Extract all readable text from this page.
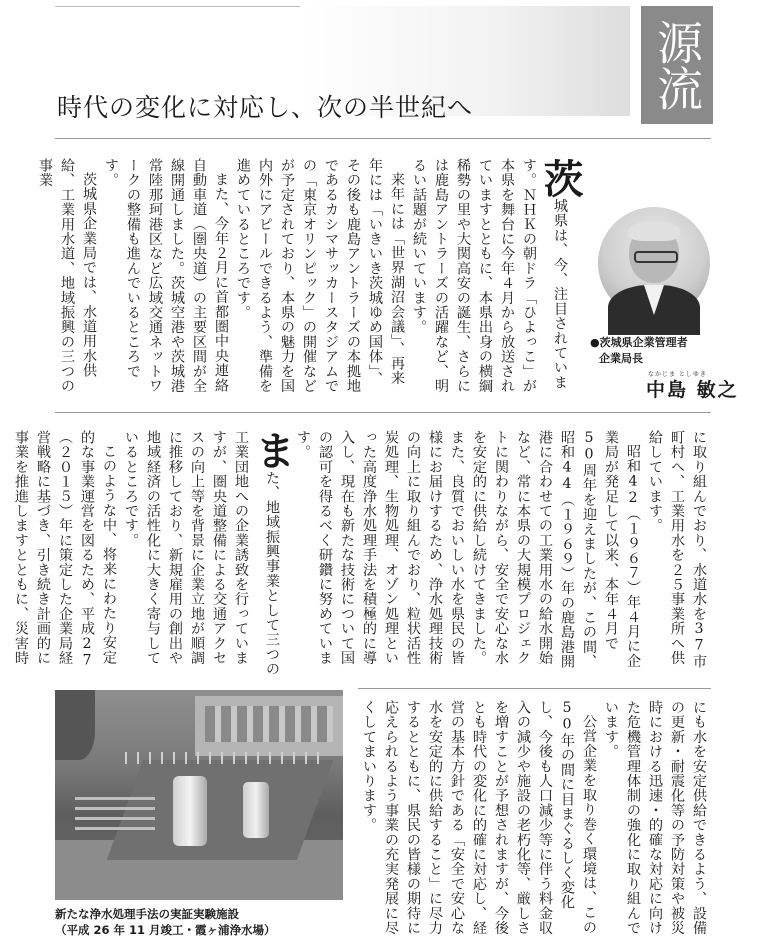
源流
時代の変化に対応し、次の半世紀へ

茨城県は、今、注目されています。ＮＨＫの朝ドラ「ひよっこ」が本県を舞台に今年４月から放送されていますとともに、本県出身の横綱稀勢の里や大関高安の誕生、さらには鹿島アントラーズの活躍など、明るい話題が続いています。

来年には「世界湖沼会議」、再来年には「いきいき茨城ゆめ国体」、その後も鹿島アントラーズの本拠地であるカシマサッカースタジアムでの「東京オリンピック」の開催などが予定されており、本県の魅力を国内外にアピールできるよう、準備を進めているところです。

また、今年２月に首都圏中央連絡自動車道（圏央道）の主要区間が全線開通しました。茨城空港や茨城港常陸那珂港区など広域交通ネットワークの整備も進んでいるところです。

茨城県企業局では、水道用水供給、工業用水道、地域振興の三つの事業

●茨城県企業管理者
企業局長
なかじま としゆき
中島 敏之

に取り組んでおり、水道水を37市町村へ、工業用水を２５事業所へ供給しています。

昭和42（１９６７）年４月に企業局が発足して以来、本年４月で50周年を迎えましたが、この間、昭和44（１９６９）年の鹿島港開港に合わせての工業用水の給水開始など、常に本県の大規模プロジェクトに関わりながら、安全で安心な水を安定的に供給し続けてきました。また、良質でおいしい水を県民の皆様にお届けするため、浄水処理技術の向上に取り組んでおり、粒状活性炭処理、生物処理、オゾン処理といった高度浄水処理手法を積極的に導入し、現在も新たな技術について国の認可を得るべく研鑽に努めています。

また、地域振興事業として三つの工業団地への企業誘致を行っていますが、圏央道整備による交通アクセスの向上等を背景に企業立地が順調に推移しており、新規雇用の創出や地域経済の活性化に大きく寄与しているところです。

このような中、将来にわたり安定的な事業運営を図るため、平成27（２０１５）年に策定した企業局経営戦略に基づき、引き続き計画的に事業を推進しますとともに、災害時

新たな浄水処理手法の実証実験施設
（平成 26 年 11 月竣工・霞ヶ浦浄水場）	にも水を安定供給できるよう、設備の更新・耐震化等の予防対策や被災時における迅速・的確な対応に向けた危機管理体制の強化に取り組んでいます。

公営企業を取り巻く環境は、この50年の間に目まぐるしく変化し、今後も人口減少等に伴う料金収入の減少や施設の老朽化等、厳しさを増すことが予想されますが、今後とも時代の変化に的確に対応し、経営の基本方針である「安全で安心な水を安定的に供給すること」に尽力するとともに、県民の皆様の期待に応えられるよう事業の充実発展に尽くしてまいります。
